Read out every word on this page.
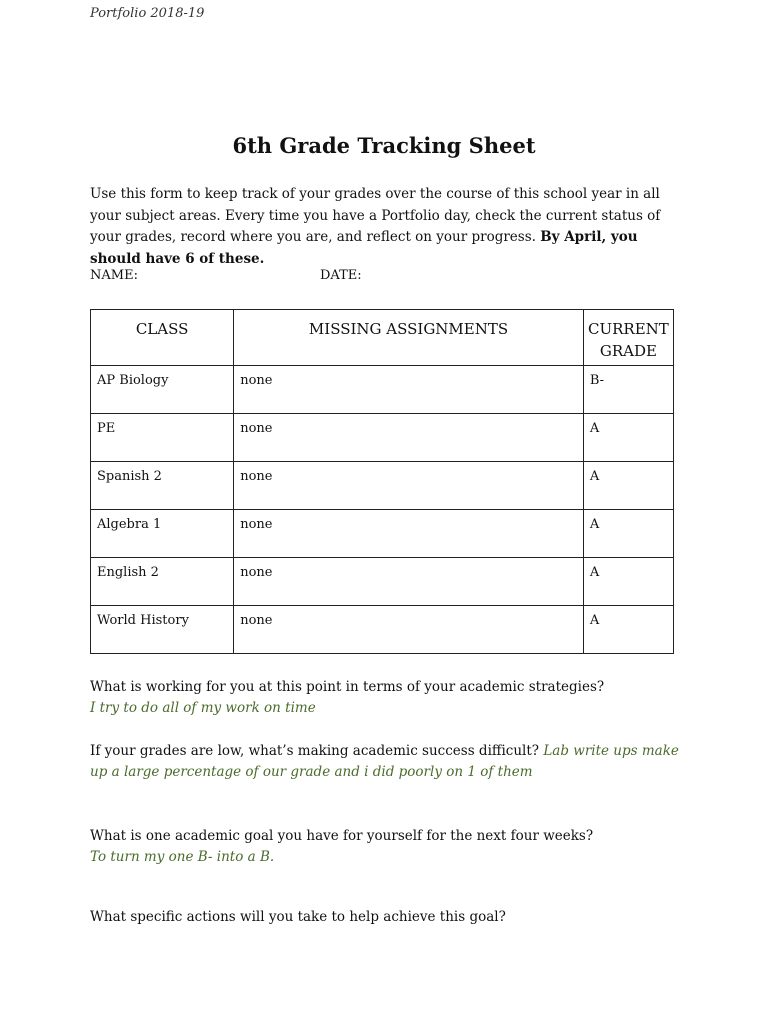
Portfolio 2018-19
6th Grade Tracking Sheet
Use this form to keep track of your grades over the course of this school year in all your subject areas. Every time you have a Portfolio day, check the current status of your grades, record where you are, and reflect on your progress. By April, you should have 6 of these.
NAME:	DATE:
CLASS	MISSING ASSIGNMENTS	CURRENT
GRADE
AP Biology	none	B-
PE	none	A
Spanish 2	none	A
Algebra 1	none	A
English 2	none	A
World History	none	A
What is working for you at this point in terms of your academic strategies?
I try to do all of my work on time
If your grades are low, what’s making academic success difficult? Lab write ups make up a large percentage of our grade and i did poorly on 1 of them
What is one academic goal you have for yourself for the next four weeks?
To turn my one B- into a B.
What specific actions will you take to help achieve this goal?
